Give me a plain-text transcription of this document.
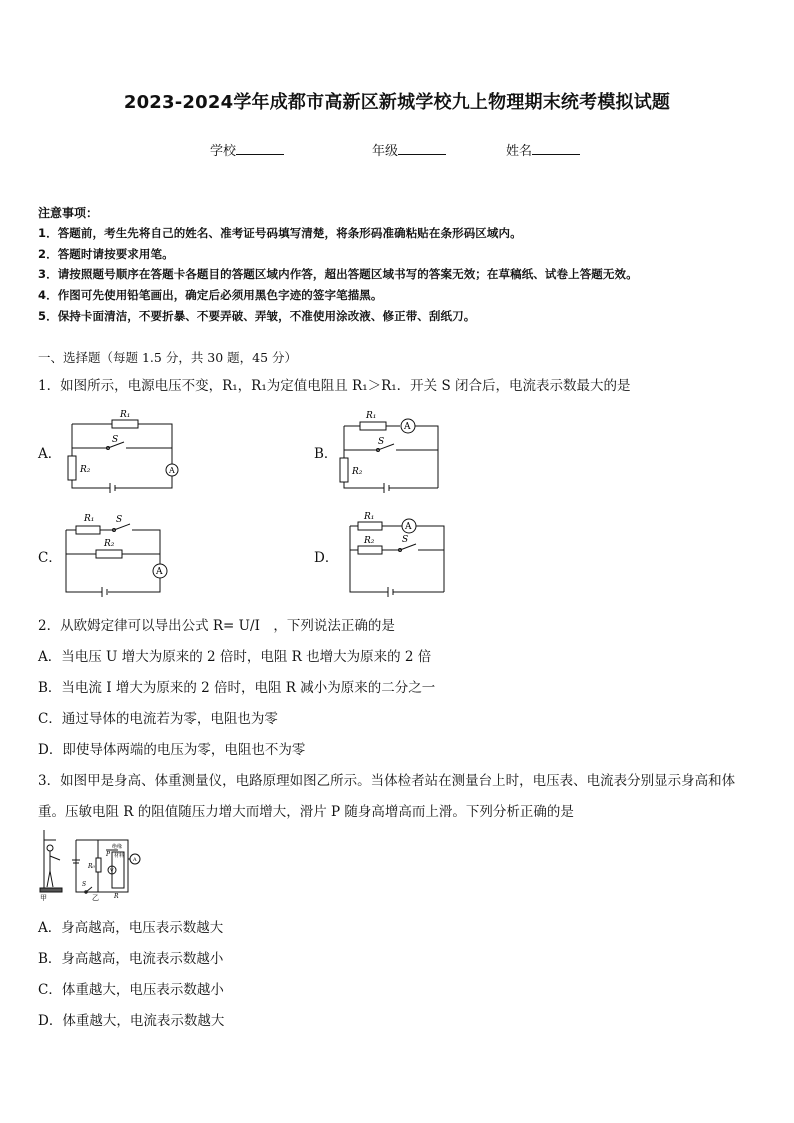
2023-2024学年成都市高新区新城学校九上物理期末统考模拟试题
学校	年级	姓名
注意事项：
1．答题前，考生先将自己的姓名、准考证号码填写清楚，将条形码准确粘贴在条形码区域内。
2．答题时请按要求用笔。
3．请按照题号顺序在答题卡各题目的答题区域内作答，超出答题区域书写的答案无效；在草稿纸、试卷上答题无效。
4．作图可先使用铅笔画出，确定后必须用黑色字迹的签字笔描黑。
5．保持卡面清洁，不要折暴、不要弄破、弄皱，不准使用涂改液、修正带、刮纸刀。
一、选择题（每题 1.5 分，共 30 题，45 分）
1．如图所示，电源电压不变，R₁，R₁为定值电阻且 R₁＞R₁．开关 S 闭合后，电流表示数最大的是
A．	B．
C．	D．
R₁
R₂
S
A
R₁
R₂
S
A
R₁
R₂
S
A
R₁
R₂	S
A
2．从欧姆定律可以导出公式 R= U/I　，下列说法正确的是
A．当电压 U 增大为原来的 2 倍时，电阻 R 也增大为原来的 2 倍
B．当电流 I 增大为原来的 2 倍时，电阻 R 减小为原来的二分之一
C．通过导体的电流若为零，电阻也为零
D．即使导体两端的电压为零，电阻也不为零
3．如图甲是身高、体重测量仪，电路原理如图乙所示。当体检者站在测量台上时，电压表、电流表分别显示身高和体
重。压敏电阻 R 的阻值随压力增大而增大，滑片 P 随身高增高而上滑。下列分析正确的是
甲	乙
R₀
R
P
绝缘
材料
S
V
A
A．身高越高，电压表示数越大
B．身高越高，电流表示数越小
C．体重越大，电压表示数越小
D．体重越大，电流表示数越大
